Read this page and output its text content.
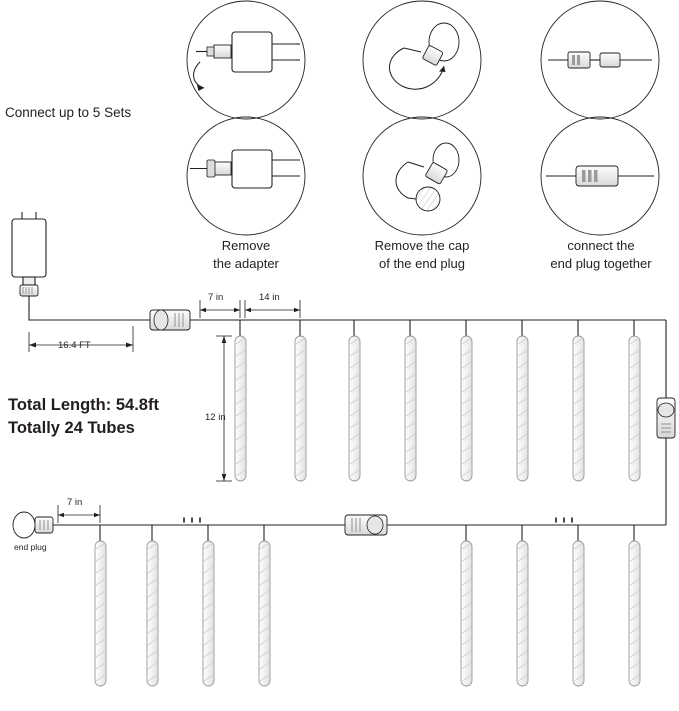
Connect up to 5 Sets
Remove
the adapter
Remove the cap
of the end plug
connect the
end plug together
16.4 FT
7 in	14 in
12 in
7 in
end plug
Total Length: 54.8ft
Totally 24 Tubes
